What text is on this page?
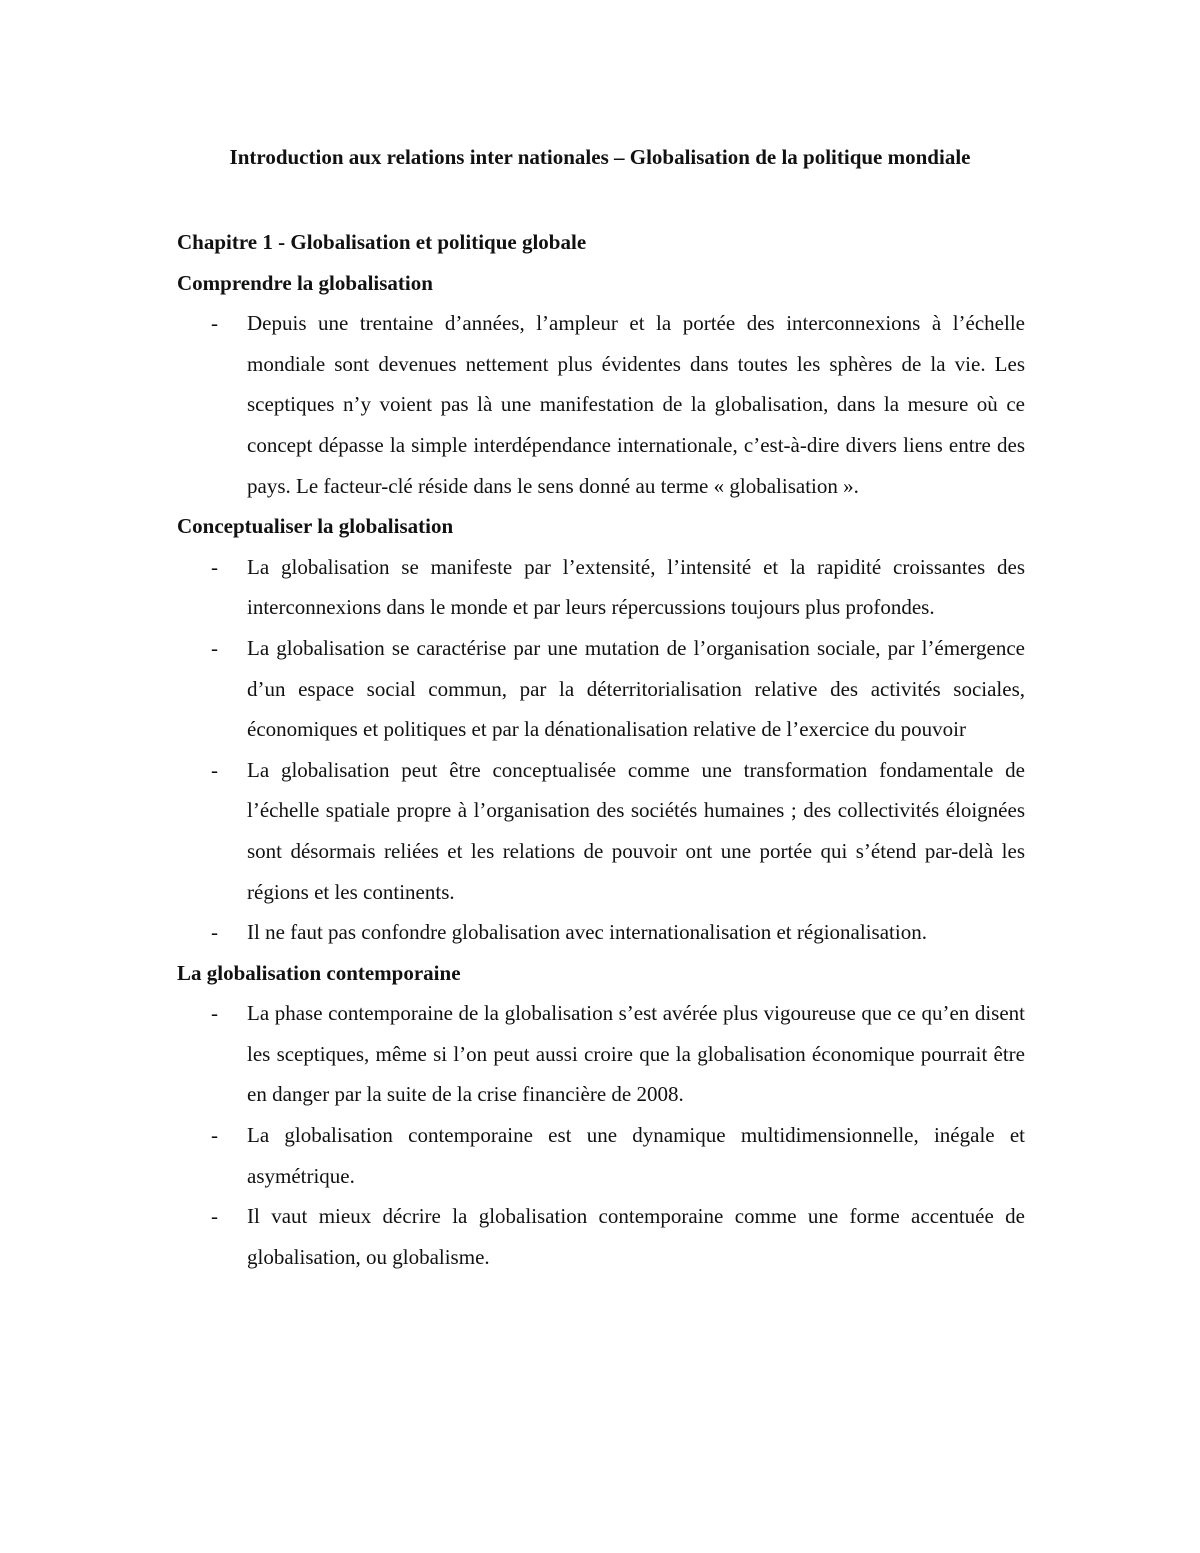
Introduction aux relations inter nationales – Globalisation de la politique mondiale

Chapitre 1 - Globalisation et politique globale

Comprendre la globalisation

- Depuis une trentaine d’années, l’ampleur et la portée des interconnexions à l’échelle mondiale sont devenues nettement plus évidentes dans toutes les sphères de la vie. Les sceptiques n’y voient pas là une manifestation de la globalisation, dans la mesure où ce concept dépasse la simple interdépendance internationale, c’est-à-dire divers liens entre des pays. Le facteur-clé réside dans le sens donné au terme « globalisation ».

Conceptualiser la globalisation

- La globalisation se manifeste par l’extensité, l’intensité et la rapidité croissantes des interconnexions dans le monde et par leurs répercussions toujours plus profondes.
- La globalisation se caractérise par une mutation de l’organisation sociale, par l’émergence d’un espace social commun, par la déterritorialisation relative des activités sociales, économiques et politiques et par la dénationalisation relative de l’exercice du pouvoir
- La globalisation peut être conceptualisée comme une transformation fondamentale de l’échelle spatiale propre à l’organisation des sociétés humaines ; des collectivités éloignées sont désormais reliées et les relations de pouvoir ont une portée qui s’étend par-delà les régions et les continents.
- Il ne faut pas confondre globalisation avec internationalisation et régionalisation.

La globalisation contemporaine

- La phase contemporaine de la globalisation s’est avérée plus vigoureuse que ce qu’en disent les sceptiques, même si l’on peut aussi croire que la globalisation économique pourrait être en danger par la suite de la crise financière de 2008.
- La globalisation contemporaine est une dynamique multidimensionnelle, inégale et asymétrique.
- Il vaut mieux décrire la globalisation contemporaine comme une forme accentuée de globalisation, ou globalisme.
